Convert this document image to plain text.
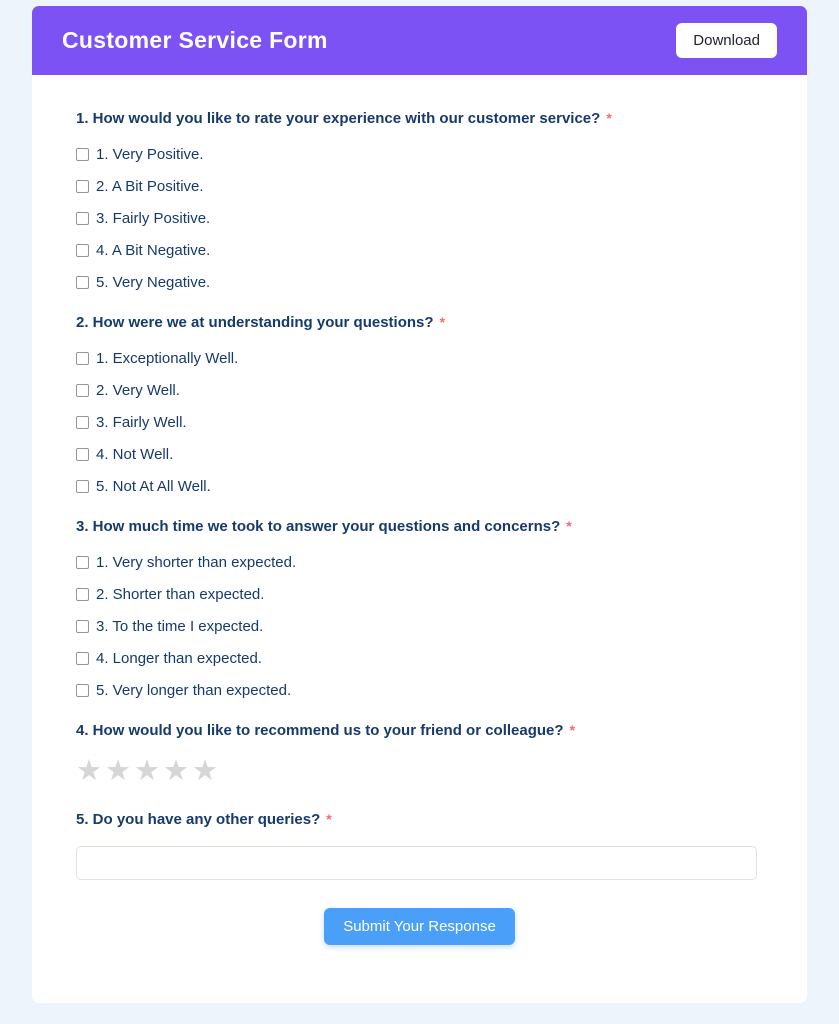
Customer Service Form	Download
1. How would you like to rate your experience with our customer service? *
1. Very Positive.
2. A Bit Positive.
3. Fairly Positive.
4. A Bit Negative.
5. Very Negative.
2. How were we at understanding your questions? *
1. Exceptionally Well.
2. Very Well.
3. Fairly Well.
4. Not Well.
5. Not At All Well.
3. How much time we took to answer your questions and concerns? *
1. Very shorter than expected.
2. Shorter than expected.
3. To the time I expected.
4. Longer than expected.
5. Very longer than expected.
4. How would you like to recommend us to your friend or colleague? *
★ ★ ★ ★ ★
5. Do you have any other queries? *
Submit Your Response
